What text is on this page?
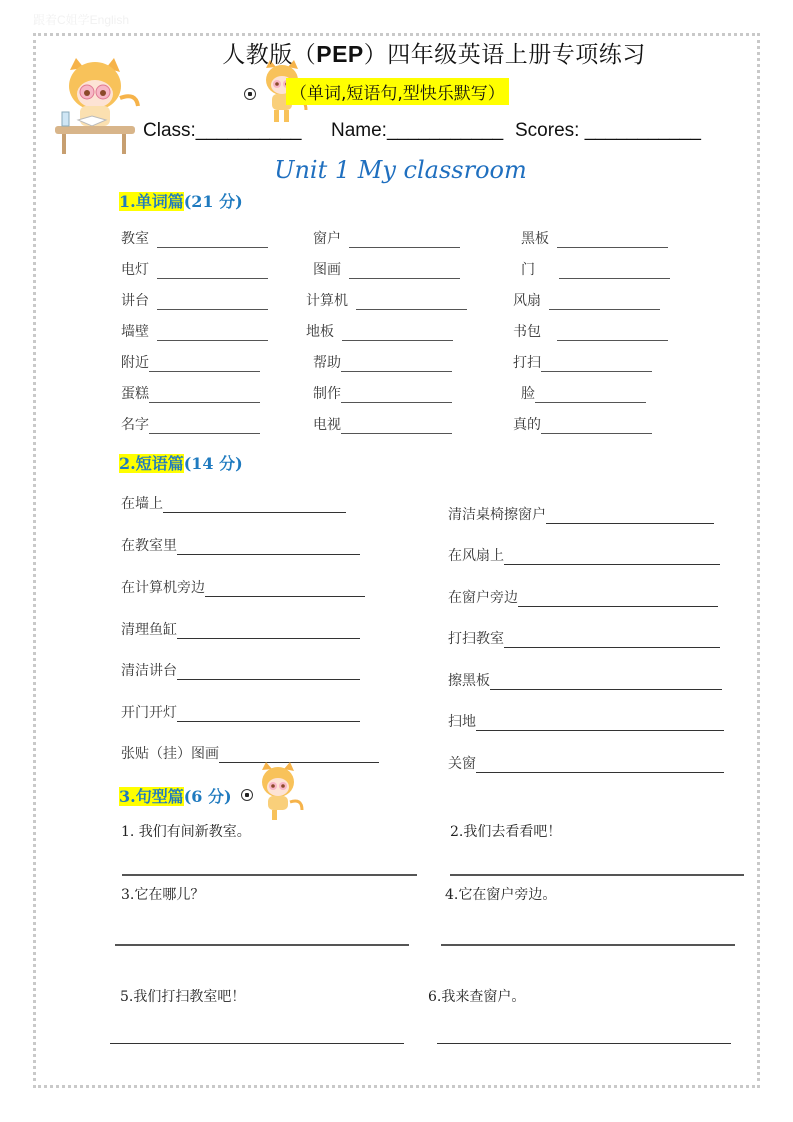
跟着C姐学English
人教版（PEP）四年级英语上册专项练习
（单词,短语句,型快乐默写）
Class:__________ Name:___________ Scores: ___________
Unit 1 My classroom
1.单词篇(21 分)
教室	窗户	黑板
电灯	图画	门
讲台	计算机	风扇
墙壁	地板	书包
附近	帮助	打扫
蛋糕	制作	脸
名字	电视	真的
2.短语篇(14 分)
在墙上
在教室里
在计算机旁边
清理鱼缸
清洁讲台
开门开灯
张贴（挂）图画
清洁桌椅擦窗户
在风扇上
在窗户旁边
打扫教室
擦黑板
扫地
关窗
3.句型篇(6 分)
1. 我们有间新教室。	2.我们去看看吧！
3.它在哪儿？	4.它在窗户旁边。
5.我们打扫教室吧！	6.我来查窗户。
